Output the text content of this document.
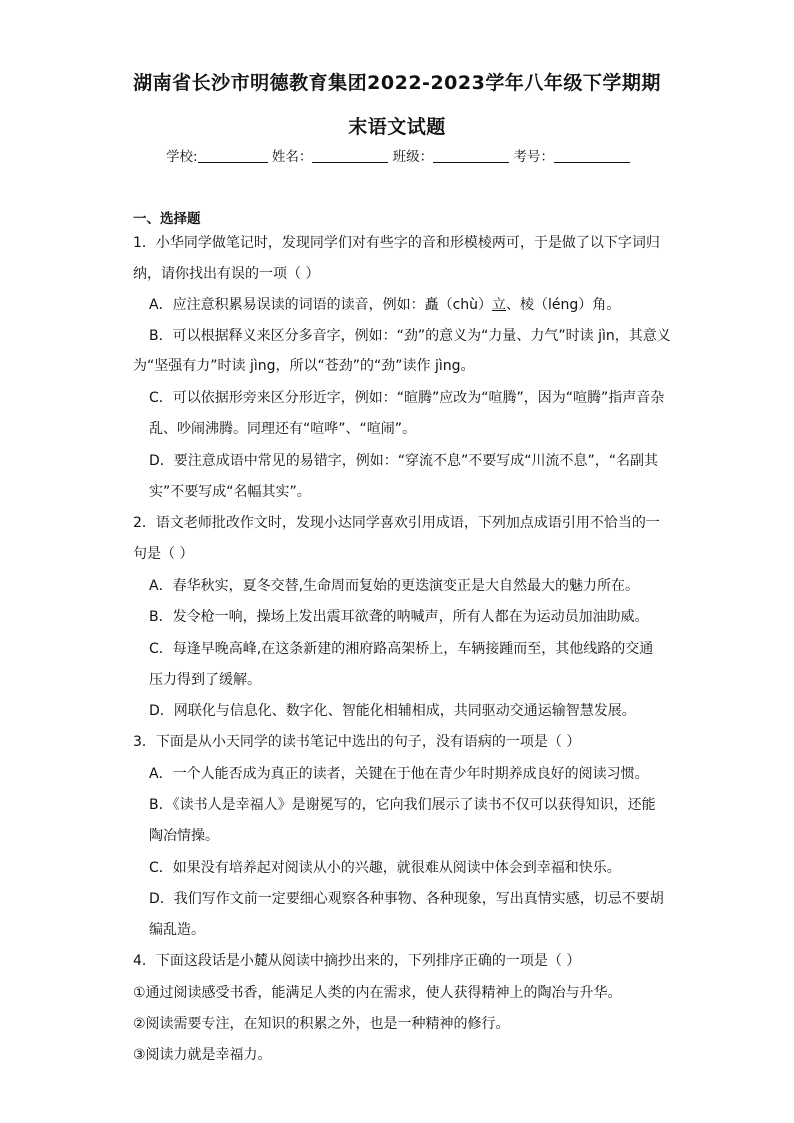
湖南省长沙市明德教育集团2022-2023学年八年级下学期期
末语文试题
学校:	姓名：	班级：	考号：
一、选择题
1．小华同学做笔记时，发现同学们对有些字的音和形模棱两可，于是做了以下字词归
纳，请你找出有误的一项（ ）
A．应注意积累易误读的词语的读音，例如：矗（chù）立、棱（léng）角。
B．可以根据释义来区分多音字，例如：“劲”的意义为“力量、力气”时读 jìn，其意义
为“坚强有力”时读 jìng，所以“苍劲”的“劲”读作 jìng。
C．可以依据形旁来区分形近字，例如：“暄腾”应改为“喧腾”，因为“喧腾”指声音杂
乱、吵闹沸腾。同理还有“喧哗”、“喧闹”。
D．要注意成语中常见的易错字，例如：“穿流不息”不要写成“川流不息”，“名副其
实”不要写成“名幅其实”。
2．语文老师批改作文时，发现小达同学喜欢引用成语，下列加点成语引用不恰当的一
句是（ ）
A．春华秋实，夏冬交替,生命周而复始的更迭演变正是大自然最大的魅力所在。
B．发令枪一响，操场上发出震耳欲聋的呐喊声，所有人都在为运动员加油助威。
C．每逢早晚高峰,在这条新建的湘府路高架桥上，车辆接踵而至，其他线路的交通
压力得到了缓解。
D．网联化与信息化、数字化、智能化相辅相成，共同驱动交通运输智慧发展。
3．下面是从小天同学的读书笔记中选出的句子，没有语病的一项是（ ）
A．一个人能否成为真正的读者，关键在于他在青少年时期养成良好的阅读习惯。
B．《读书人是幸福人》是谢冕写的，它向我们展示了读书不仅可以获得知识，还能
陶冶情操。
C．如果没有培养起对阅读从小的兴趣，就很难从阅读中体会到幸福和快乐。
D．我们写作文前一定要细心观察各种事物、各种现象，写出真情实感，切忌不要胡
编乱造。
4．下面这段话是小麓从阅读中摘抄出来的，下列排序正确的一项是（ ）
①通过阅读感受书香，能满足人类的内在需求，使人获得精神上的陶冶与升华。
②阅读需要专注，在知识的积累之外，也是一种精神的修行。
③阅读力就是幸福力。
